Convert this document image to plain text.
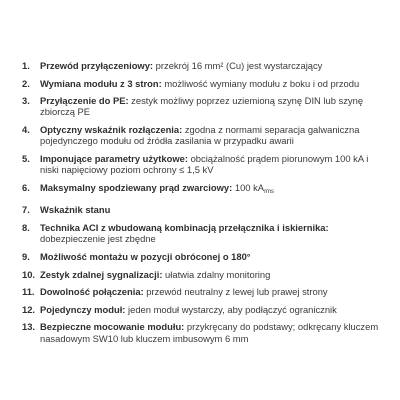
1.	Przewód przyłączeniowy: przekrój 16 mm² (Cu) jest wystarczający
2.	Wymiana modułu z 3 stron: możliwość wymiany modułu z boku i od przodu
3.	Przyłączenie do PE: zestyk możliwy poprzez uziemioną szynę DIN lub szynę zbiorczą PE
4.	Optyczny wskaźnik rozłączenia: zgodna z normami separacja galwaniczna pojedynczego modułu od źródła zasilania w przypadku awarii
5.	Imponujące parametry użytkowe: obciążalność prądem piorunowym 100 kA i niski napięciowy poziom ochrony ≤ 1,5 kV
6.	Maksymalny spodziewany prąd zwarciowy: 100 $kA_{rms}$
7.	Wskaźnik stanu
8.	Technika ACI z wbudowaną kombinacją przełącznika i iskiernika: dobezpieczenie jest zbędne
9.	Możliwość montażu w pozycji obróconej o 180°
10. Zestyk zdalnej sygnalizacji: ułatwia zdalny monitoring
11. Dowolność połączenia: przewód neutralny z lewej lub prawej strony
12. Pojedynczy moduł: jeden moduł wystarczy, aby podłączyć ogranicznik
13. Bezpieczne mocowanie modułu: przykręcany do podstawy; odkręcany kluczem nasadowym SW10 lub kluczem imbusowym 6 mm
